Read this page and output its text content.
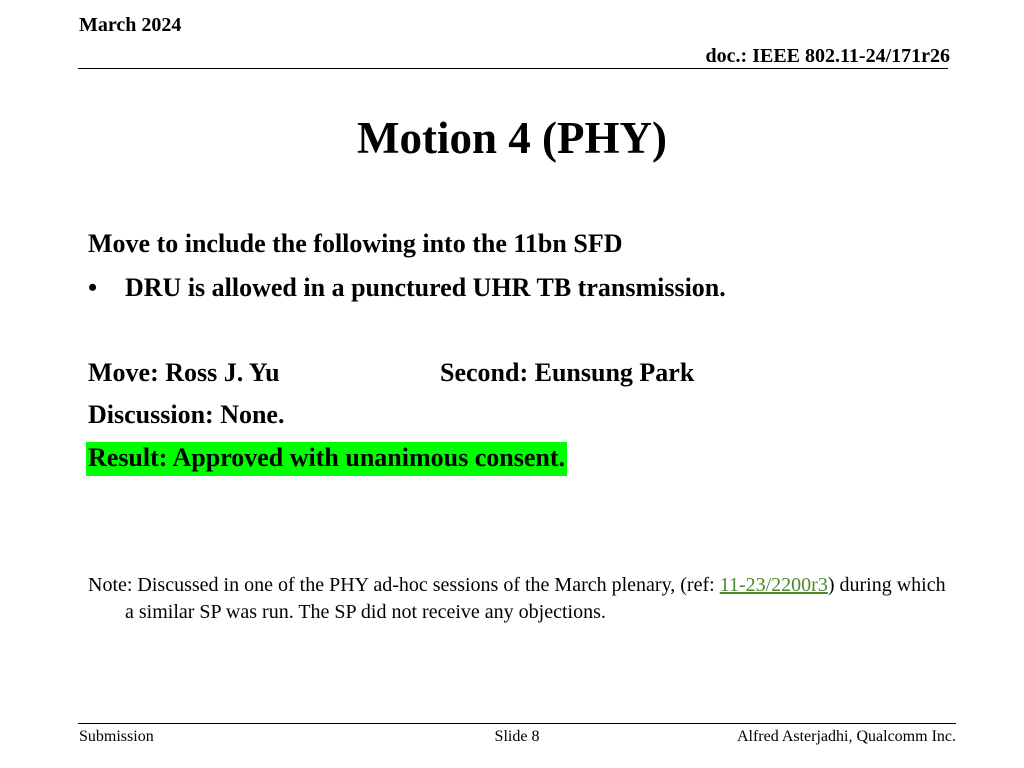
March 2024
doc.: IEEE 802.11-24/171r26
Motion 4 (PHY)
Move to include the following into the 11bn SFD
• DRU is allowed in a punctured UHR TB transmission.
Move: Ross J. Yu	Second: Eunsung Park
Discussion: None.
Result: Approved with unanimous consent.
Note: Discussed in one of the PHY ad-hoc sessions of the March plenary, (ref: 11-23/2200r3) during which a similar SP was run. The SP did not receive any objections.
Submission	Slide 8	Alfred Asterjadhi, Qualcomm Inc.
